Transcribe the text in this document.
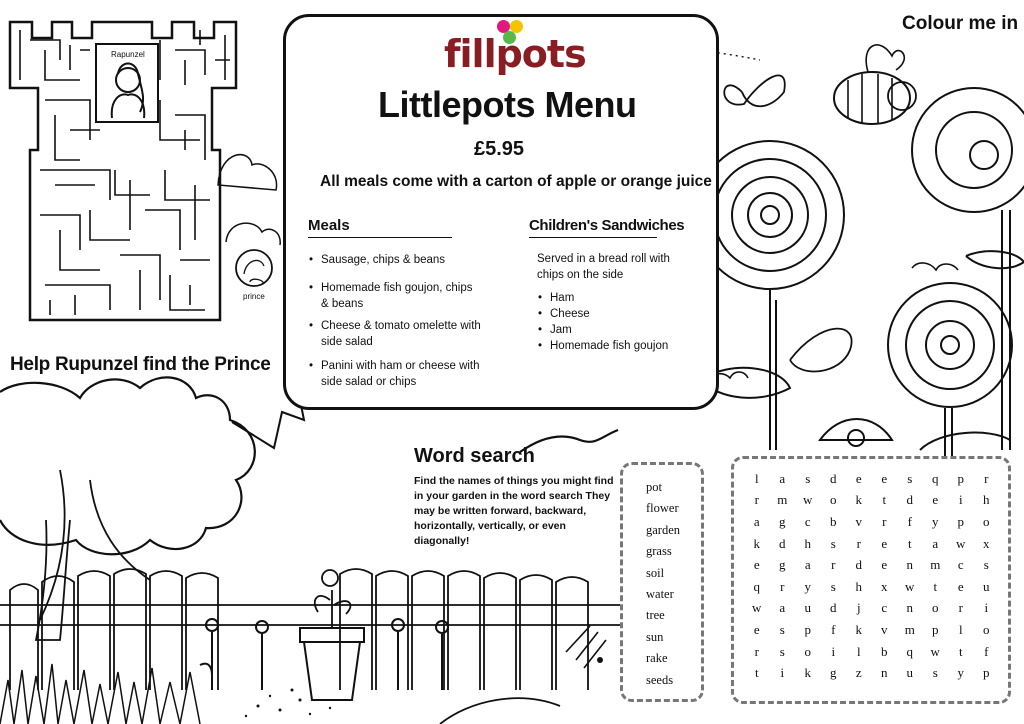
Rapunzel
prince
Help Rupunzel find the Prince
Colour me in
fillpots
Littlepots Menu
£5.95
All meals come with a carton of apple or orange juice
Meals
• Sausage, chips & beans
• Homemade fish goujon, chips & beans
• Cheese & tomato omelette with side salad
• Panini with ham or cheese with side salad or chips
Children's Sandwiches
Served in a bread roll with chips on the side
• Ham
• Cheese
• Jam
• Homemade fish goujon
Word search
Find the names of things you might find in your garden in the word search They may be written forward, backward, horizontally, vertically, or even diagonally!
pot
flower
garden
grass
soil
water
tree
sun
rake
seeds
l	a	s	d	e	e	s	q	p	r
r	m	w	o	k	t	d	e	i	h
a	g	c	b	v	r	f	y	p	o
k	d	h	s	r	e	t	a	w	x
e	g	a	r	d	e	n	m	c	s
q	r	y	s	h	x	w	t	e	u
w	a	u	d	j	c	n	o	r	i
e	s	p	f	k	v	m	p	l	o
r	s	o	i	l	b	q	w	t	f
t	i	k	g	z	n	u	s	y	p
